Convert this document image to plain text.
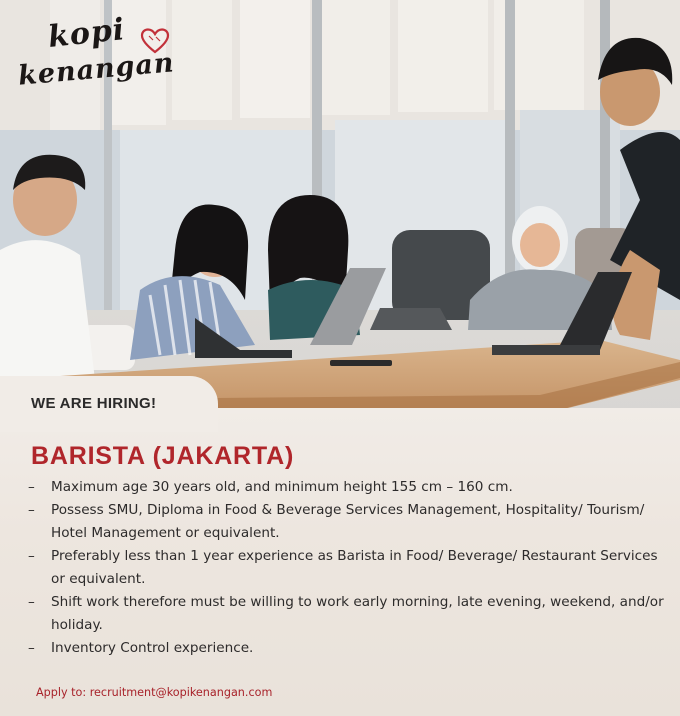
kopi
kenangan
WE ARE HIRING!
BARISTA (JAKARTA)
– Maximum age 30 years old, and minimum height 155 cm – 160 cm.
– Possess SMU, Diploma in Food & Beverage Services Management, Hospitality/ Tourism/ Hotel Management or equivalent.
– Preferably less than 1 year experience as Barista in Food/ Beverage/ Restaurant Services or equivalent.
– Shift work therefore must be willing to work early morning, late evening, weekend, and/or holiday.
– Inventory Control experience.
Apply to: recruitment@kopikenangan.com
